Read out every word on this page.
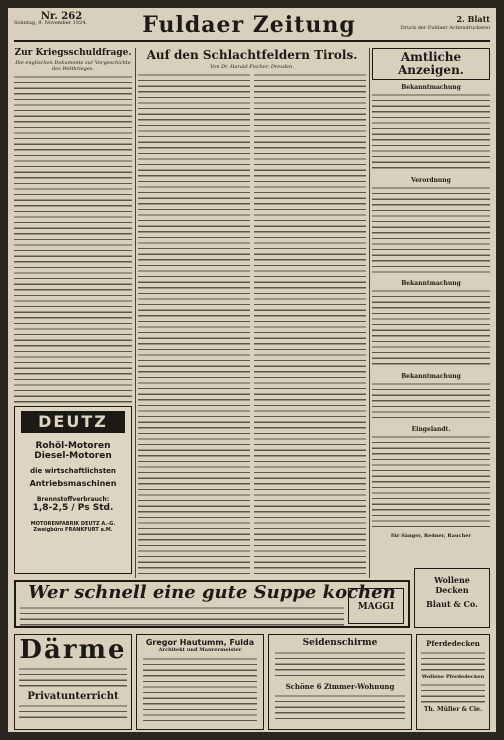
Nr. 262
Sonntag, 9. November 1924.	Fuldaer Zeitung	2. Blatt
Druck der Fuldaer Actiendruckerei
Zur Kriegsschuldfrage.
Die englischen Dokumente zur Vorgeschichte des Weltkrieges.
DEUTZ
Rohöl-Motoren
Diesel-Motoren
die wirtschaftlichsten
Antriebsmaschinen
Brennstoffverbrauch:
1,8-2,5 / Ps Std.
MOTORENFABRIK DEUTZ A.-G.
Zweigbüro FRANKFURT a.M.
Auf den Schlachtfeldern Tirols.
Von Dr. Harald Fischer, Dresden.
Amtliche Anzeigen.
Bekanntmachung
Verordnung
Bekanntmachung
Bekanntmachung
Eingelandt.
für Sänger, Redner, Raucher
Wer schnell eine gute Suppe kochen
MAGGI
Wollene
Decken
Blaut & Co.
Därme
Privatunterricht
Gregor Hautumm, Fulda
Architekt und Maurermeister
Seidenschirme
Schöne 6 Zimmer-Wohnung
Pferdedecken
Wollene Pferdedecken
Th. Müller & Cie.
